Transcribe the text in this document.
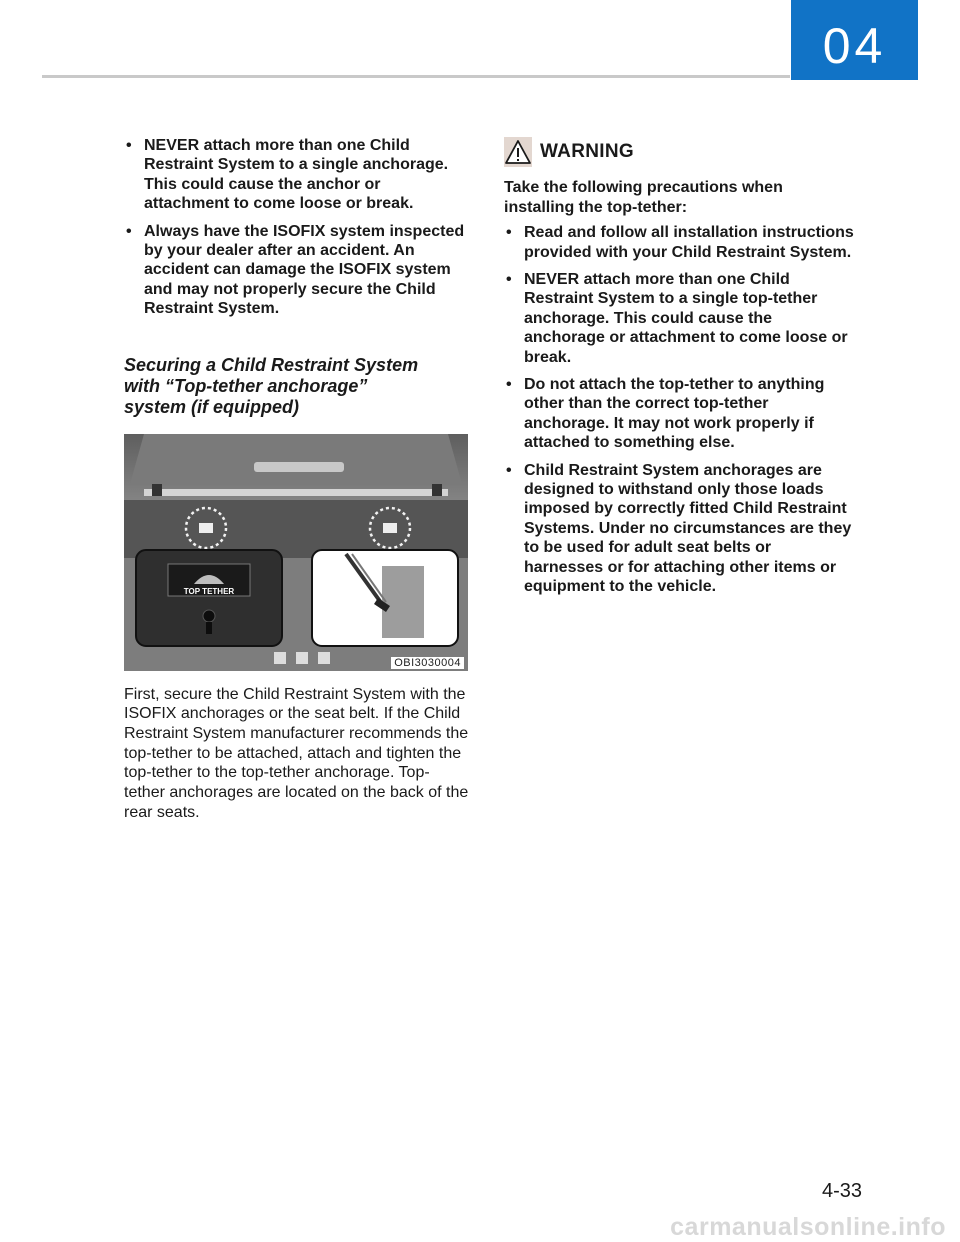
04
• NEVER attach more than one Child Restraint System to a single anchorage. This could cause the anchor or attachment to come loose or break.
• Always have the ISOFIX system inspected by your dealer after an accident. An accident can damage the ISOFIX system and may not properly secure the Child Restraint System.
Securing a Child Restraint System
with “Top-tether anchorage”
system (if equipped)
TOP TETHER
OBI3030004

First, secure the Child Restraint System with the ISOFIX anchorages or the seat belt. If the Child Restraint System manufacturer recommends the top-tether to be attached, attach and tighten the top-tether to the top-tether anchorage. Top-tether anchorages are located on the back of the rear seats.

WARNING

Take the following precautions when installing the top-tether:

• Read and follow all installation instructions provided with your Child Restraint System.
• NEVER attach more than one Child Restraint System to a single top-tether anchorage. This could cause the anchorage or attachment to come loose or break.
• Do not attach the top-tether to anything other than the correct top-tether anchorage. It may not work properly if attached to something else.
• Child Restraint System anchorages are designed to withstand only those loads imposed by correctly fitted Child Restraint Systems. Under no circumstances are they to be used for adult seat belts or harnesses or for attaching other items or equipment to the vehicle.
4-33
carmanualsonline.info
